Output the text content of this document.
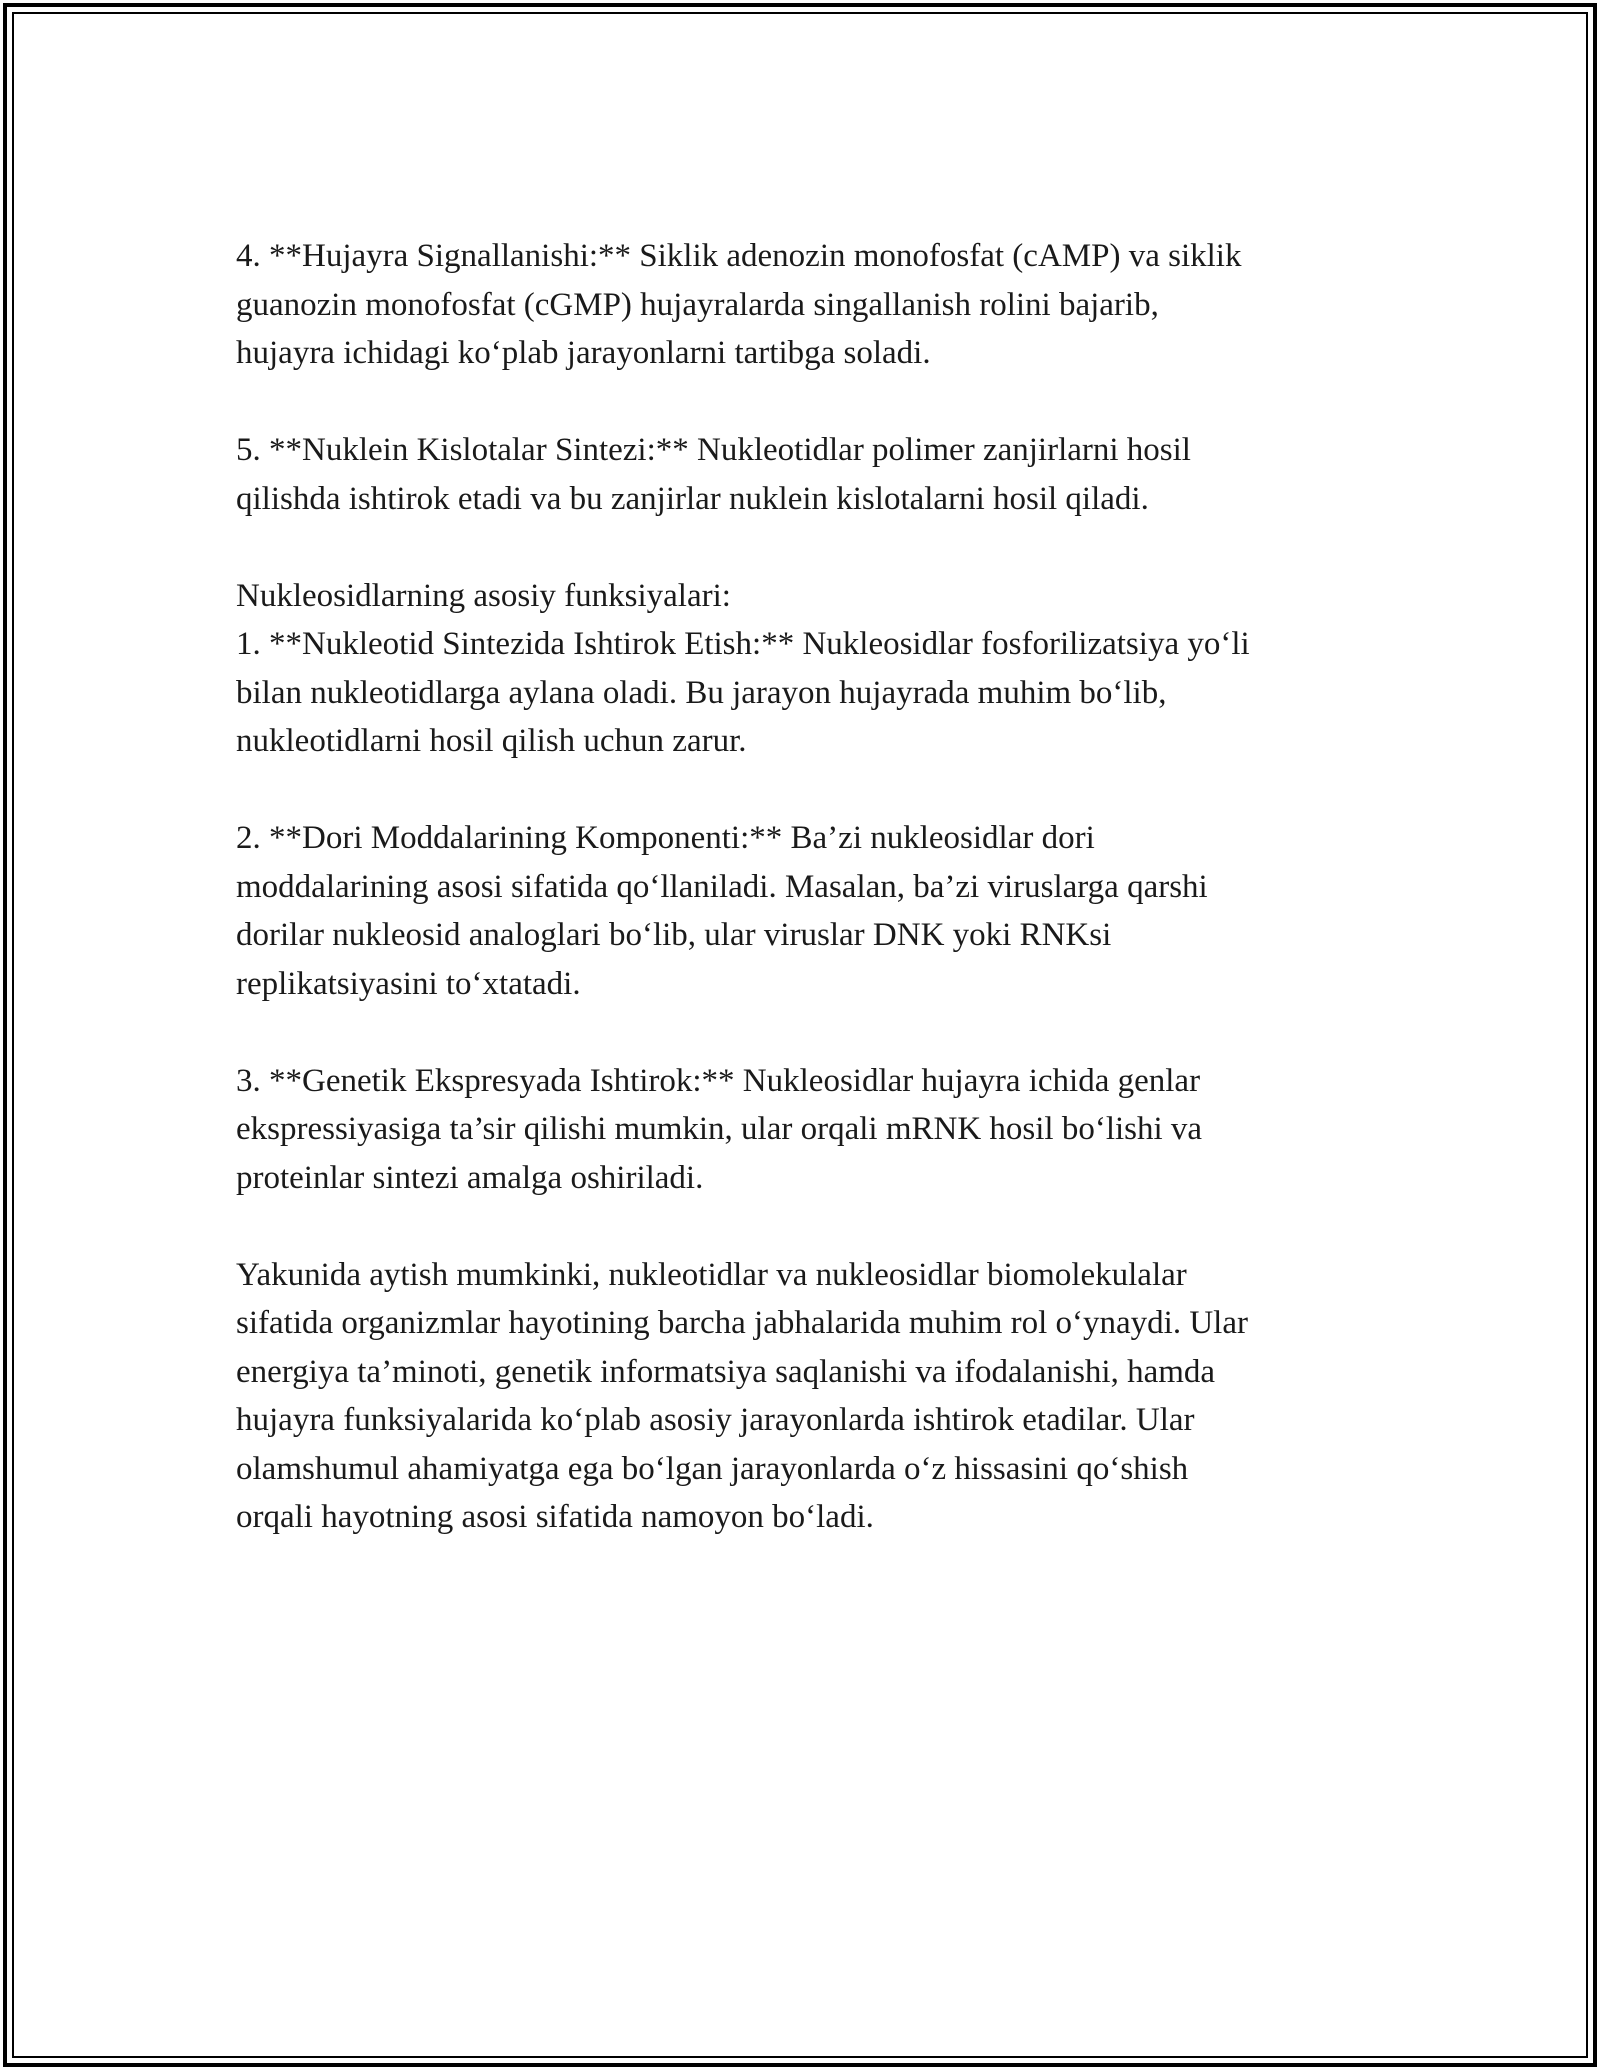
4. **Hujayra Signallanishi:** Siklik adenozin monofosfat (cAMP) va siklik
guanozin monofosfat (cGMP) hujayralarda singallanish rolini bajarib,
hujayra ichidagi ko‘plab jarayonlarni tartibga soladi.

5. **Nuklein Kislotalar Sintezi:** Nukleotidlar polimer zanjirlarni hosil
qilishda ishtirok etadi va bu zanjirlar nuklein kislotalarni hosil qiladi.

Nukleosidlarning asosiy funksiyalari:

1. **Nukleotid Sintezida Ishtirok Etish:** Nukleosidlar fosforilizatsiya yo‘li
bilan nukleotidlarga aylana oladi. Bu jarayon hujayrada muhim bo‘lib,
nukleotidlarni hosil qilish uchun zarur.

2. **Dori Moddalarining Komponenti:** Ba’zi nukleosidlar dori
moddalarining asosi sifatida qo‘llaniladi. Masalan, ba’zi viruslarga qarshi
dorilar nukleosid analoglari bo‘lib, ular viruslar DNK yoki RNKsi
replikatsiyasini to‘xtatadi.

3. **Genetik Ekspresyada Ishtirok:** Nukleosidlar hujayra ichida genlar
ekspressiyasiga ta’sir qilishi mumkin, ular orqali mRNK hosil bo‘lishi va
proteinlar sintezi amalga oshiriladi.

Yakunida aytish mumkinki, nukleotidlar va nukleosidlar biomolekulalar
sifatida organizmlar hayotining barcha jabhalarida muhim rol o‘ynaydi. Ular
energiya ta’minoti, genetik informatsiya saqlanishi va ifodalanishi, hamda
hujayra funksiyalarida ko‘plab asosiy jarayonlarda ishtirok etadilar. Ular
olamshumul ahamiyatga ega bo‘lgan jarayonlarda o‘z hissasini qo‘shish
orqali hayotning asosi sifatida namoyon bo‘ladi.
